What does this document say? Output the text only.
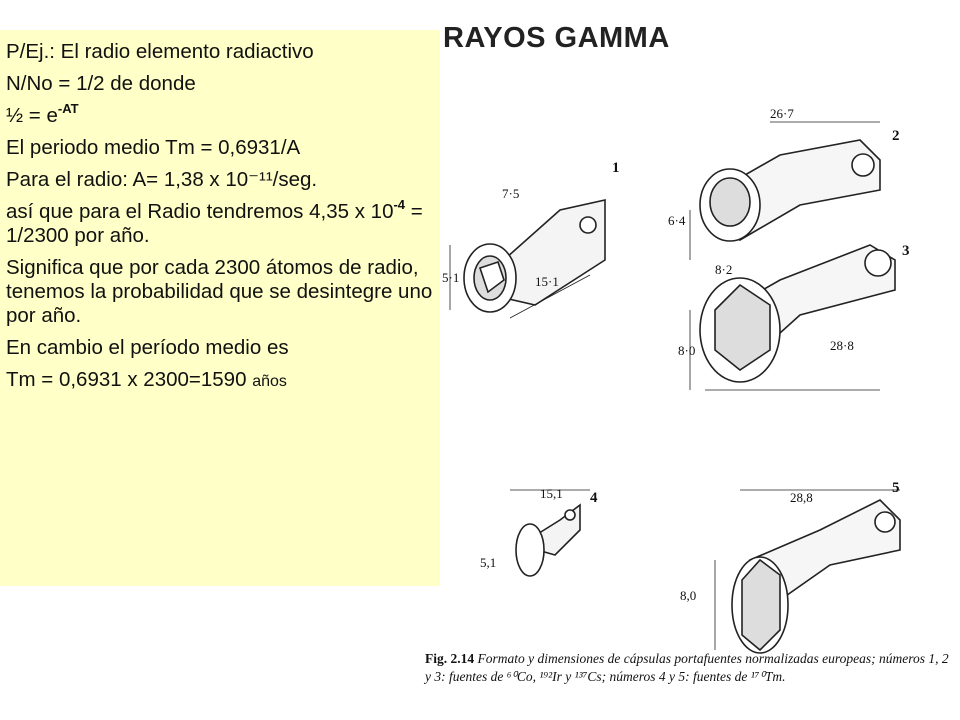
RAYOS GAMMA

P/Ej.: El radio elemento radiactivo

N/No = 1/2 de donde

½ = $e^{-AT}$

El periodo medio Tm = 0,6931/A

Para el radio: A= 1,38 x 10⁻¹¹/seg.

así que para el Radio tendremos 4,35 x $10^{-4} = 1/2300$ por año.

Significa que por cada 2300 átomos de radio, tenemos la probabilidad que se desintegre uno por año.

En cambio el período medio es

Tm = 0,6931 x 2300=1590 años

1
2
3
4
5
7·5
26·7
6·4
5·1	15·1
8·2
8·0	28·8
15,1
5,1
28,8
8,0
Fig. 2.14 Formato y dimensiones de cápsulas portafuentes normalizadas europeas; números 1, 2 y 3: fuentes de ⁶⁰Co, ¹⁹²Ir y ¹³⁷Cs; números 4 y 5: fuentes de ¹⁷⁰Tm.
